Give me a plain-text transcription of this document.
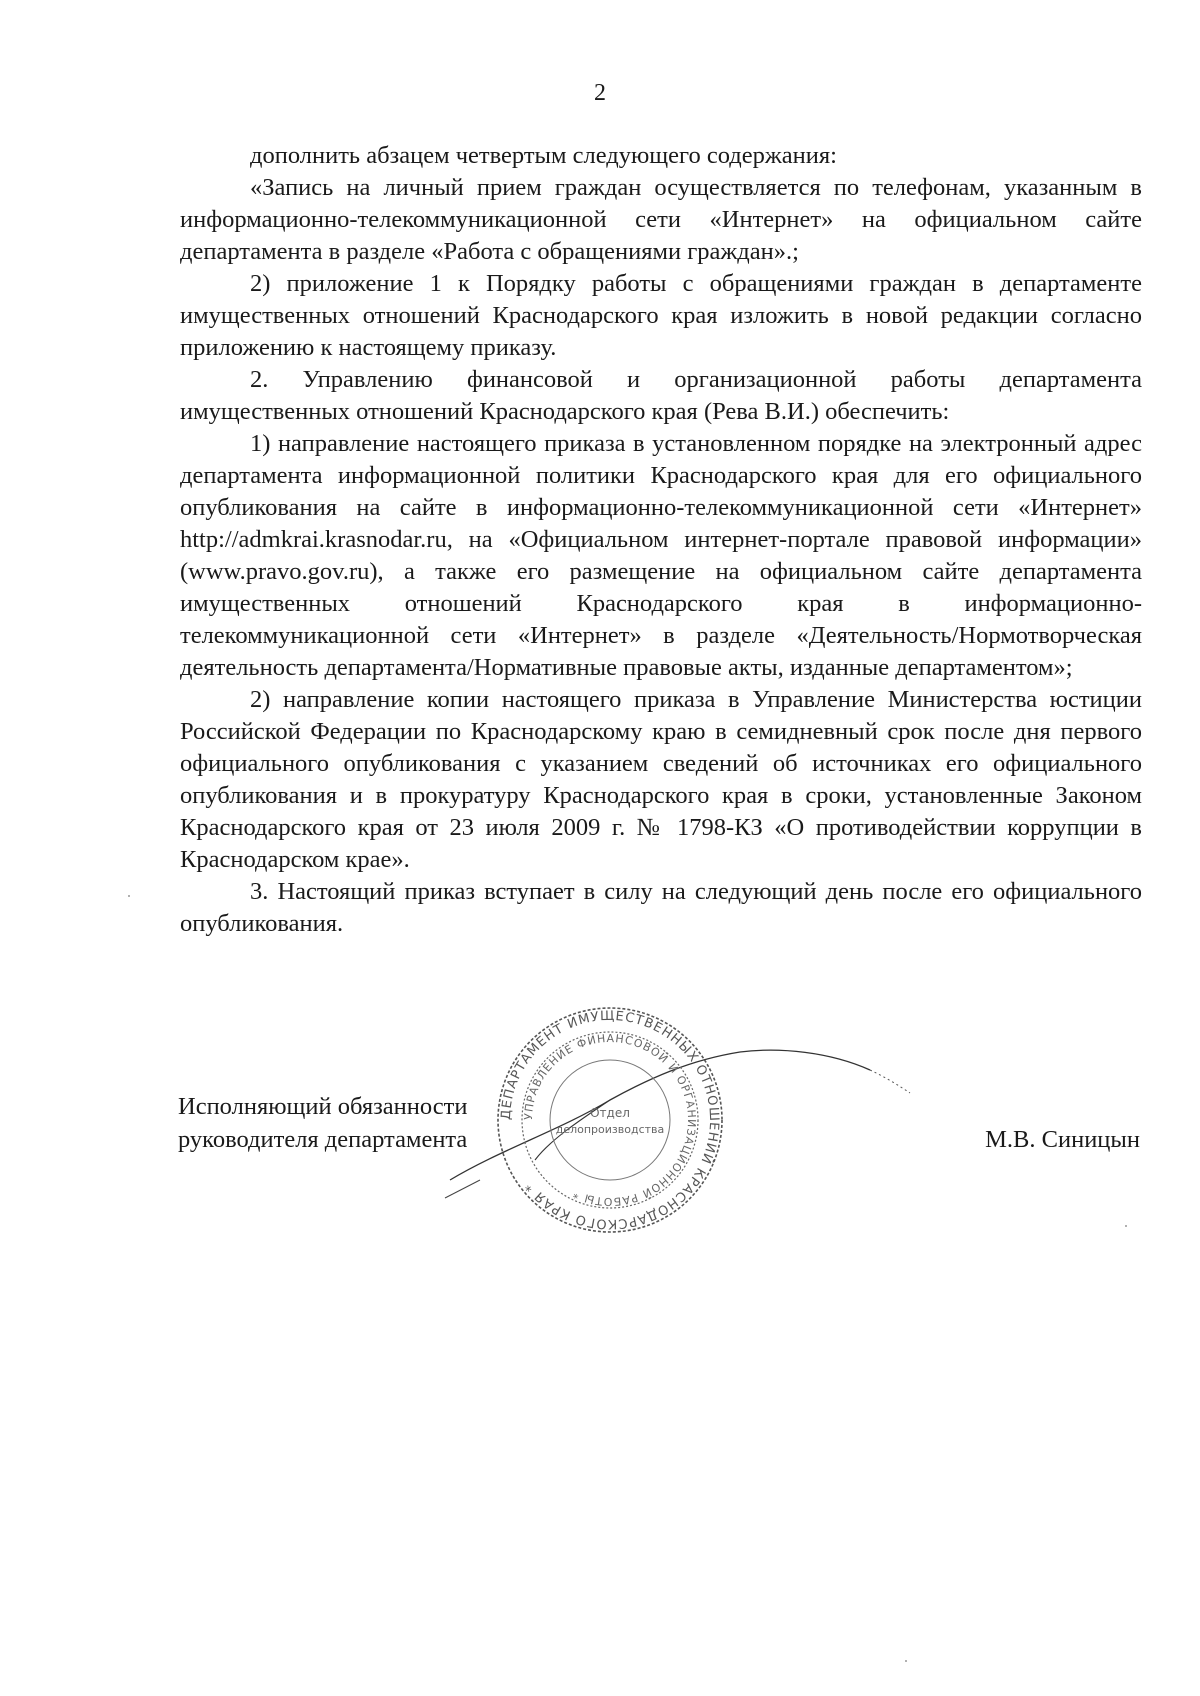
2

дополнить абзацем четвертым следующего содержания:

«Запись на личный прием граждан осуществляется по телефонам, указанным в информационно-телекоммуникационной сети «Интернет» на официальном сайте департамента в разделе «Работа с обращениями граждан».;

2) приложение 1 к Порядку работы с обращениями граждан в департаменте имущественных отношений Краснодарского края изложить в новой редакции согласно приложению к настоящему приказу.

2. Управлению финансовой и организационной работы департамента имущественных отношений Краснодарского края (Рева В.И.) обеспечить:

1) направление настоящего приказа в установленном порядке на электронный адрес департамента информационной политики Краснодарского края для его официального опубликования на сайте в информационно-телекоммуникационной сети «Интернет» http://admkrai.krasnodar.ru, на «Официальном интернет-портале правовой информации» (www.pravo.gov.ru), а также его размещение на официальном сайте департамента имущественных отношений Краснодарского края в информационно-телекоммуникационной сети «Интернет» в разделе «Деятельность/Нормотворческая деятельность департамента/Нормативные правовые акты, изданные департаментом»;

2) направление копии настоящего приказа в Управление Министерства юстиции Российской Федерации по Краснодарскому краю в семидневный срок после дня первого официального опубликования с указанием сведений об источниках его официального опубликования и в прокуратуру Краснодарского края в сроки, установленные Законом Краснодарского края от 23 июля 2009 г. № 1798-КЗ «О противодействии коррупции в Краснодарском крае».

3. Настоящий приказ вступает в силу на следующий день после его официального опубликования.

ДЕПАРТАМЕНТ ИМУЩЕСТВЕННЫХ ОТНОШЕНИЙ КРАСНОДАРСКОГО КРАЯ *
УПРАВЛЕНИЕ ФИНАНСОВОЙ И ОРГАНИЗАЦИОННОЙ РАБОТЫ *
Отдел
делопроизводства
Исполняющий обязанности
руководителя департамента	М.В. Синицын
